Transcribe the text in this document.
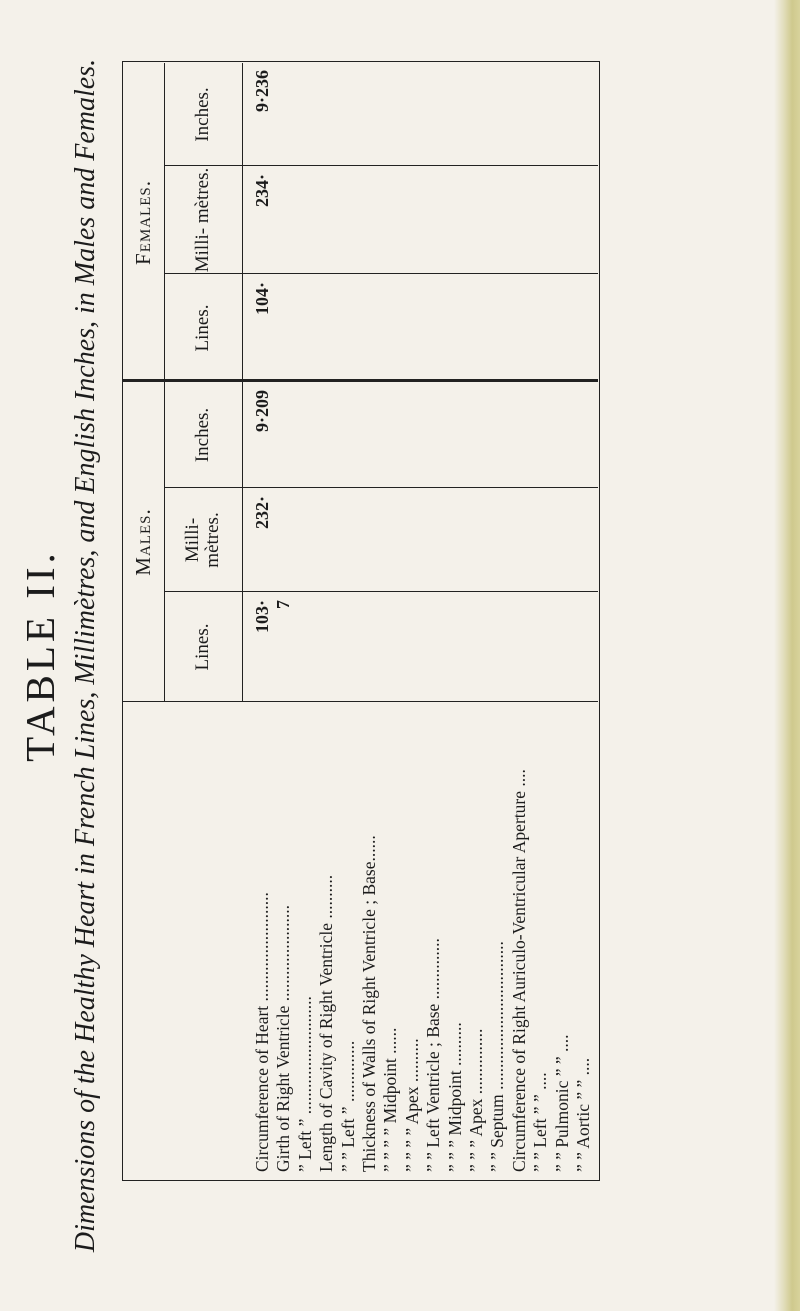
TABLE II. Dimensions of the Healthy Heart in French Lines, Millimètres, and English Inches, in Males and Females.	Males.
Females.
Lines.
Milli- mètres.
Inches.
Lines.
Milli- mètres.
Inches.
Circumference of Heart .........................
103·
232·
9·209
104·
234·
9·236
Girth of Right Ventricle ......................
7
” Left ” ........................... Length of Cavity of Right Ventricle .......... ” ” Left ” .............. Thickness of Walls of Right Ventricle ; Base...... ” ” ” ” Midpoint ...... ” ” ” ” Apex .......... ” ” Left Ventricle ; Base .............. ” ” ” Midpoint .......... ” ” ” Apex ............... ” ” Septum .................................. Circumference of Right Auriculo-Ventricular Aperture .... ” ” Left ” ” .... ” ” Pulmonic ” ” .... ” ” Aortic ” ” ....
